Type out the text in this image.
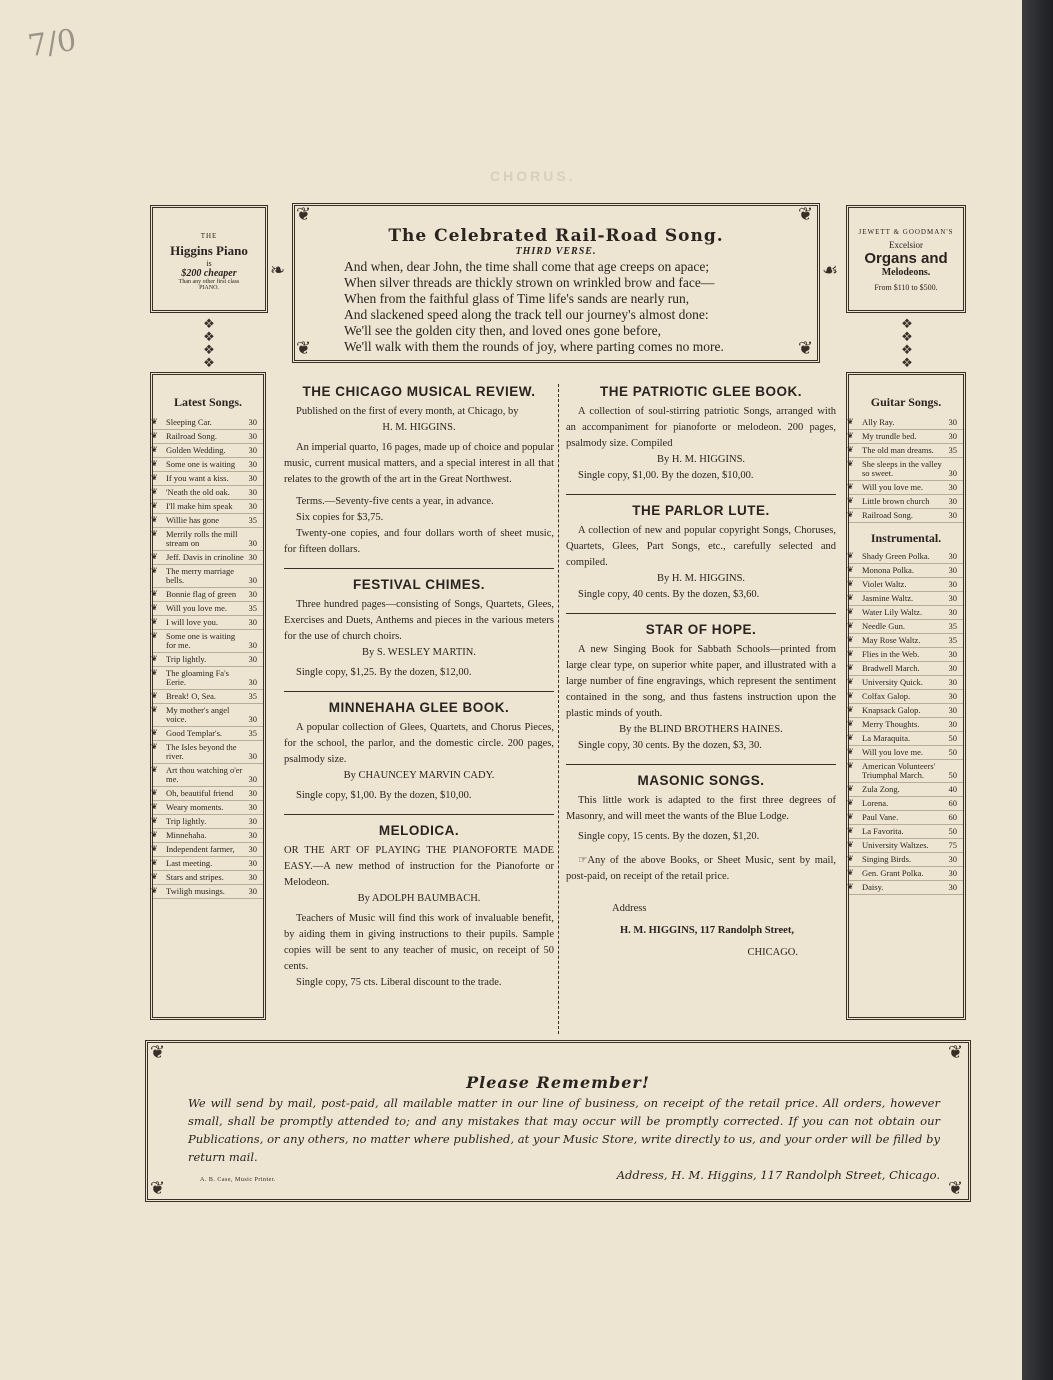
7/0
CHORUS.
THE
Higgins Piano
is
$200 cheaper
Than any other first class
PIANO.
❖
❖
❖
❖
The Celebrated Rail-Road Song.
THIRD VERSE.
And when, dear John, the time shall come that age creeps on apace;
When silver threads are thickly strown on wrinkled brow and face—
When from the faithful glass of Time life's sands are nearly run,
And slackened speed along the track tell our journey's almost done:
We'll see the golden city then, and loved ones gone before,
We'll walk with them the rounds of joy, where parting comes no more.
❦	❦
❦	❦
❧	☙
JEWETT & GOODMAN'S
Excelsior
Organs and
Melodeons.
From $110 to $500.
❖
❖
❖
❖
Latest Songs.
❦ Sleeping Car.	30
❦ Railroad Song.	30
❦ Golden Wedding.	30
❦ Some one is waiting 30
❦ If you want a kiss. 30
❦ 'Neath the old oak. 30
❦ I'll make him speak 30
❦ Willie has gone	35
❦ Merrily rolls the mill stream on	30
❦ Jeff. Davis in crinoline 30
❦ The merry marriage bells.	30
❦ Bonnie flag of green 30
❦ Will you love me.	35
❦ I will love you.	30
❦ Some one is waiting for me.	30
❦ Trip lightly.	30
❦ The gloaming Fa's Eerie.	30
❦ Break! O, Sea.	35
❦ My mother's angel voice.	30
❦ Good Templar's.	35
❦ The Isles beyond the river.	30
❦ Art thou watching o'er me.	30
❦ Oh, beautiful friend 30
❦ Weary moments.	30
❦ Trip lightly.	30
❦ Minnehaha.	30
❦ Independent farmer, 30
❦ Last meeting.	30
❦ Stars and stripes.	30
❦ Twiligh musings.	30
Guitar Songs.
❦ Ally Ray.	30
❦ My trundle bed.	30
❦ The old man dreams. 35
❦ She sleeps in the valley so sweet.	30
❦ Will you love me.	30
❦ Little brown church 30
❦ Railroad Song.	30
Instrumental.
❦ Shady Green Polka. 30
❦ Monona Polka.	30
❦ Violet Waltz.	30
❦ Jasmine Waltz.	30
❦ Water Lily Waltz.	30
❦ Needle Gun.	35
❦ May Rose Waltz.	35
❦ Flies in the Web.	30
❦ Bradwell March.	30
❦ University Quick.	30
❦ Colfax Galop.	30
❦ Knapsack Galop.	30
❦ Merry Thoughts.	30
❦ La Maraquita.	50
❦ Will you love me.	50
❦ American Volunteers' Triumphal March.	50
❦ Zula Zong.	40
❦ Lorena.	60
❦ Paul Vane.	60
❦ La Favorita.	50
❦ University Waltzes. 75
❦ Singing Birds.	30
❦ Gen. Grant Polka.	30
❦ Daisy.	30
THE CHICAGO MUSICAL REVIEW.

Published on the first of every month, at Chicago, by

H. M. HIGGINS.

An imperial quarto, 16 pages, made up of choice and popular music, current musical matters, and a special interest in all that relates to the growth of the art in the Great Northwest.

Terms.—Seventy-five cents a year, in advance.

Six copies for $3,75.

Twenty-one copies, and four dollars worth of sheet music, for fifteen dollars.

FESTIVAL CHIMES.

Three hundred pages—consisting of Songs, Quartets, Glees, Exercises and Duets, Anthems and pieces in the various meters for the use of church choirs.

By S. WESLEY MARTIN.

Single copy, $1,25. By the dozen, $12,00.

MINNEHAHA GLEE BOOK.

A popular collection of Glees, Quartets, and Chorus Pieces, for the school, the parlor, and the domestic circle. 200 pages, psalmody size.

By CHAUNCEY MARVIN CADY.

Single copy, $1,00. By the dozen, $10,00.

MELODICA.

OR THE ART OF PLAYING THE PIANOFORTE MADE EASY.—A new method of instruction for the Pianoforte or Melodeon.

By ADOLPH BAUMBACH.

Teachers of Music will find this work of invaluable benefit, by aiding them in giving instructions to their pupils. Sample copies will be sent to any teacher of music, on receipt of 50 cents.

Single copy, 75 cts. Liberal discount to the trade.

THE PATRIOTIC GLEE BOOK.

A collection of soul-stirring patriotic Songs, arranged with an accompaniment for pianoforte or melodeon. 200 pages, psalmody size. Compiled

By H. M. HIGGINS.

Single copy, $1,00. By the dozen, $10,00.

THE PARLOR LUTE.

A collection of new and popular copyright Songs, Choruses, Quartets, Glees, Part Songs, etc., carefully selected and compiled.

By H. M. HIGGINS.

Single copy, 40 cents. By the dozen, $3,60.

STAR OF HOPE.

A new Singing Book for Sabbath Schools—printed from large clear type, on superior white paper, and illustrated with a large number of fine engravings, which represent the sentiment contained in the song, and thus fastens instruction upon the plastic minds of youth.

By the BLIND BROTHERS HAINES.

Single copy, 30 cents. By the dozen, $3, 30.

MASONIC SONGS.

This little work is adapted to the first three degrees of Masonry, and will meet the wants of the Blue Lodge.

Single copy, 15 cents. By the dozen, $1,20.

☞Any of the above Books, or Sheet Music, sent by mail, post-paid, on receipt of the retail price.

Address

H. M. HIGGINS, 117 Randolph Street,

CHICAGO.

Please Remember!
We will send by mail, post-paid, all mailable matter in our line of business, on receipt of the retail price. All orders, however small, shall be promptly attended to; and any mistakes that may occur will be promptly corrected. If you can not obtain our Publications, or any others, no matter where published, at your Music Store, write directly to us, and your order will be filled by return mail.
Address, H. M. Higgins, 117 Randolph Street, Chicago.
A. B. Case, Music Printer.
❦	❦
❦	❦
